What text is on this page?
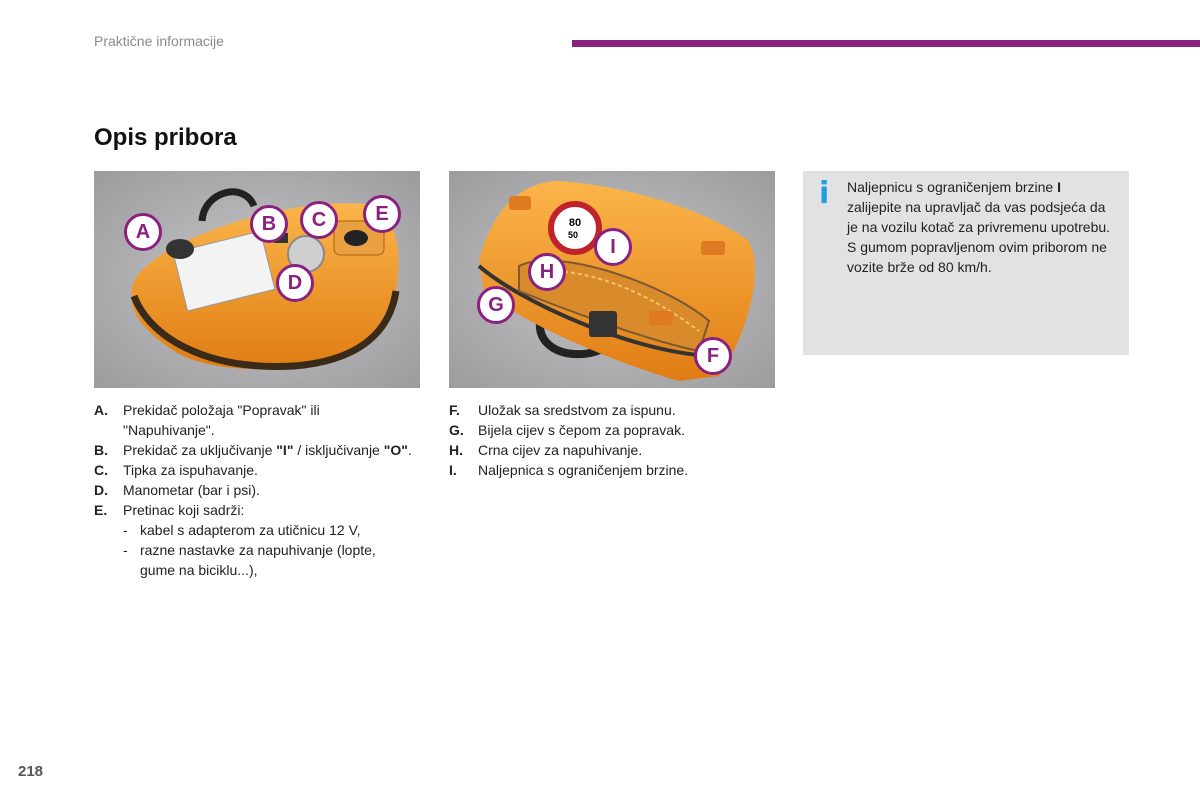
Praktične informacije
Opis pribora
A	B	C	E
D
80
50
I
H
G
F
i Naljepnicu s ograničenjem brzine I zalijepite na upravljač da vas podsjeća da je na vozilu kotač za privremenu upotrebu.

S gumom popravljenom ovim priborom ne vozite brže od 80 km/h.

A. Prekidač položaja "Popravak" ili "Napuhivanje".
B. Prekidač za uključivanje "I" / isključivanje "O".
C. Tipka za ispuhavanje.
D. Manometar (bar i psi).
E. Pretinac koji sadrži:
- kabel s adapterom za utičnicu 12 V,
- razne nastavke za napuhivanje (lopte, gume na biciklu...),
F. Uložak sa sredstvom za ispunu.
G. Bijela cijev s čepom za popravak.
H. Crna cijev za napuhivanje.
I. Naljepnica s ograničenjem brzine.
218
